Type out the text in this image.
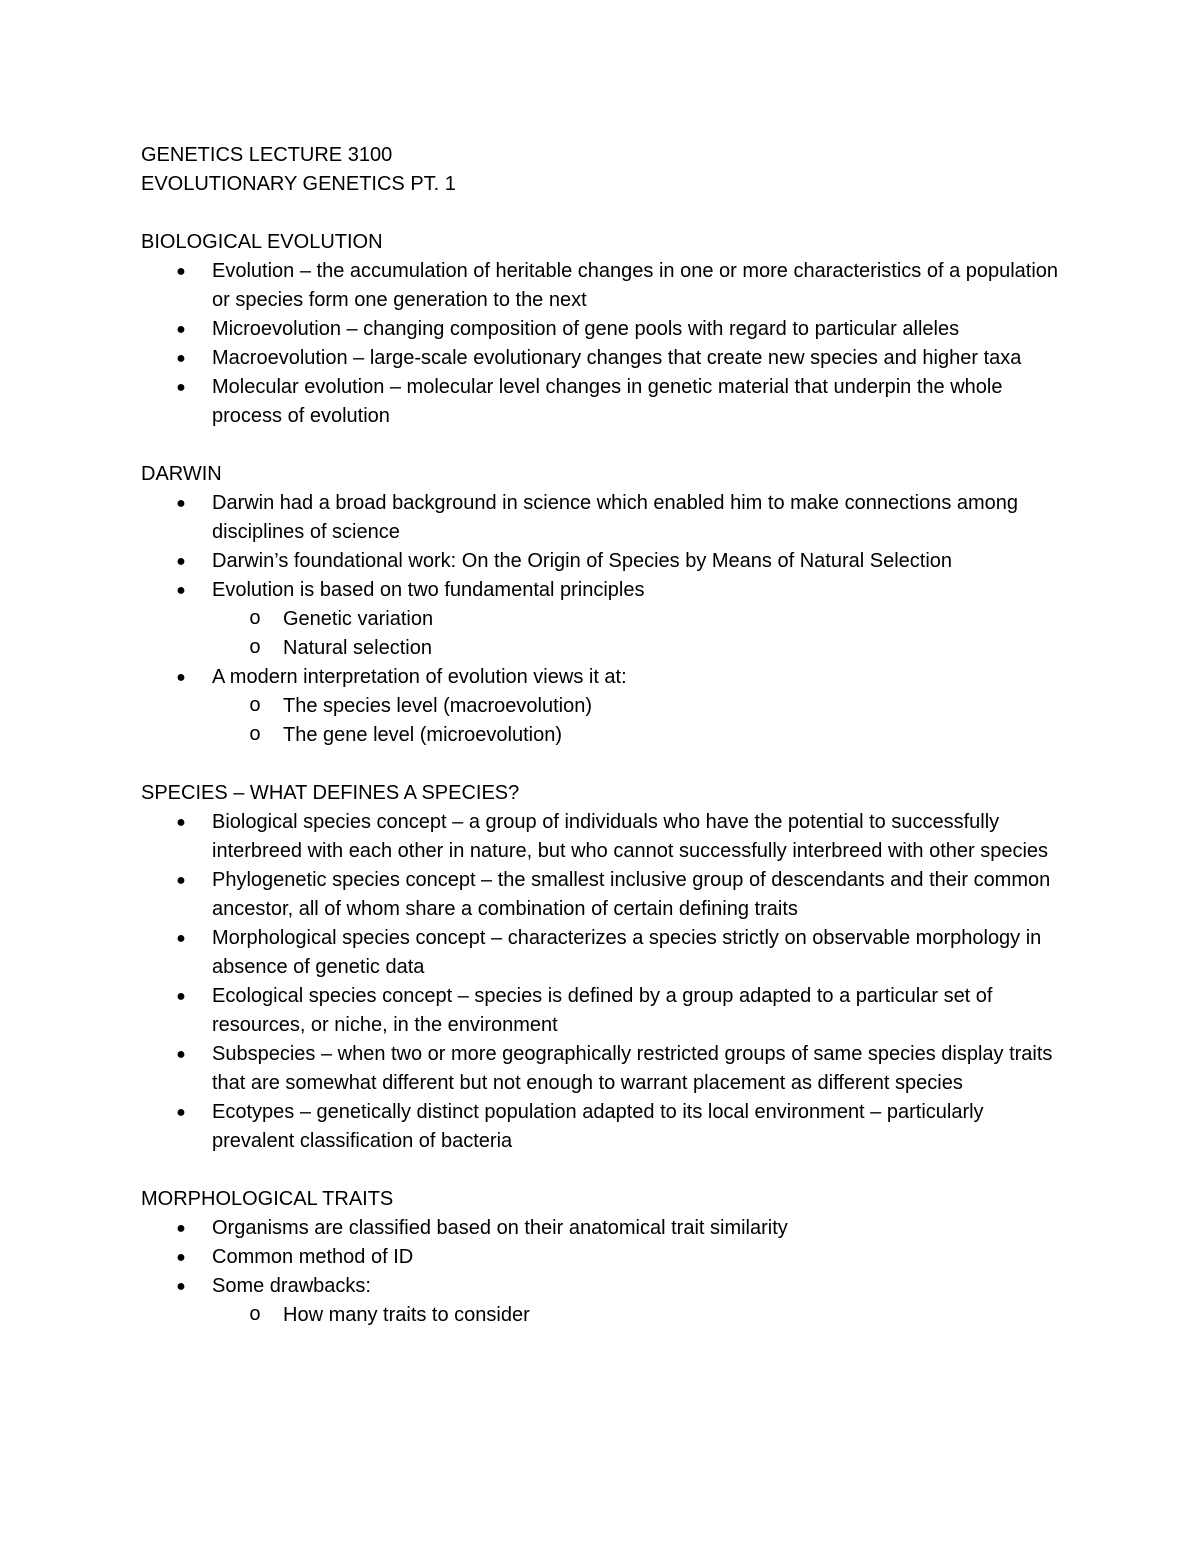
GENETICS LECTURE 3100
EVOLUTIONARY GENETICS PT. 1
BIOLOGICAL EVOLUTION
● Evolution – the accumulation of heritable changes in one or more characteristics of a population or species form one generation to the next
● Microevolution – changing composition of gene pools with regard to particular alleles
● Macroevolution – large-scale evolutionary changes that create new species and higher taxa
● Molecular evolution – molecular level changes in genetic material that underpin the whole process of evolution
DARWIN
● Darwin had a broad background in science which enabled him to make connections among disciplines of science
● Darwin’s foundational work: On the Origin of Species by Means of Natural Selection
● Evolution is based on two fundamental principles
o Genetic variation
o Natural selection
● A modern interpretation of evolution views it at:
o The species level (macroevolution)
o The gene level (microevolution)
SPECIES – WHAT DEFINES A SPECIES?
● Biological species concept – a group of individuals who have the potential to successfully interbreed with each other in nature, but who cannot successfully interbreed with other species
● Phylogenetic species concept – the smallest inclusive group of descendants and their common ancestor, all of whom share a combination of certain defining traits
● Morphological species concept – characterizes a species strictly on observable morphology in absence of genetic data
● Ecological species concept – species is defined by a group adapted to a particular set of resources, or niche, in the environment
● Subspecies – when two or more geographically restricted groups of same species display traits that are somewhat different but not enough to warrant placement as different species
● Ecotypes – genetically distinct population adapted to its local environment – particularly prevalent classification of bacteria
MORPHOLOGICAL TRAITS
● Organisms are classified based on their anatomical trait similarity
● Common method of ID
● Some drawbacks:
o How many traits to consider
